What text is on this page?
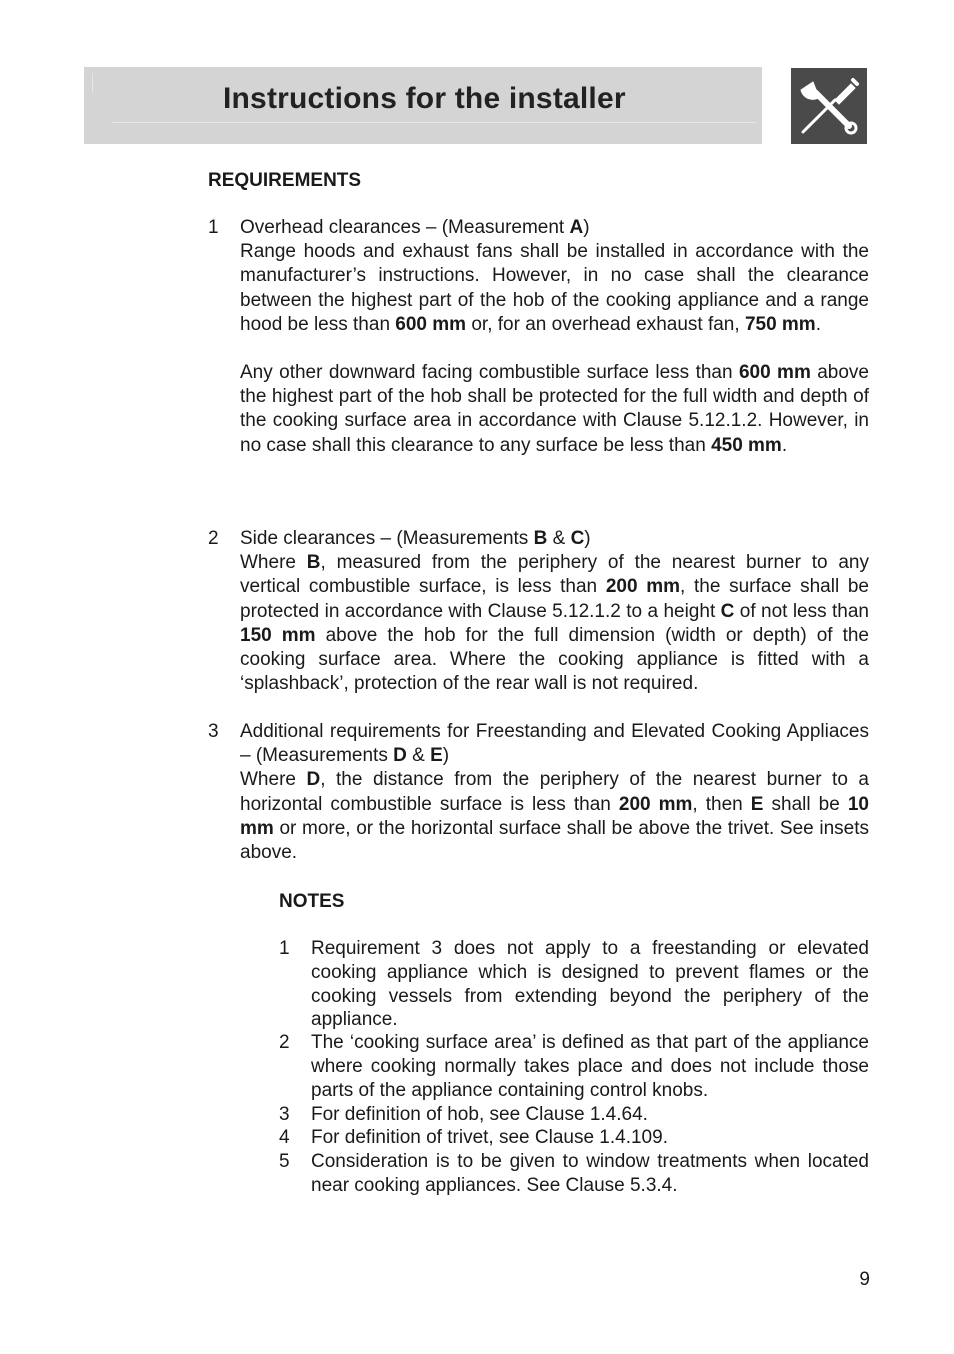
Instructions for the installer
REQUIREMENTS
1 Overhead clearances – (Measurement A)
Range hoods and exhaust fans shall be installed in accordance with the manufacturer’s instructions. However, in no case shall the clearance between the highest part of the hob of the cooking appliance and a range hood be less than 600 mm or, for an overhead exhaust fan, 750 mm.

Any other downward facing combustible surface less than 600 mm above the highest part of the hob shall be protected for the full width and depth of the cooking surface area in accordance with Clause 5.12.1.2. However, in no case shall this clearance to any surface be less than 450 mm.

2 Side clearances – (Measurements B & C)
Where B, measured from the periphery of the nearest burner to any vertical combustible surface, is less than 200 mm, the surface shall be protected in accordance with Clause 5.12.1.2 to a height C of not less than 150 mm above the hob for the full dimension (width or depth) of the cooking surface area. Where the cooking appliance is fitted with a ‘splashback’, protection of the rear wall is not required.

3 Additional requirements for Freestanding and Elevated Cooking Appliaces – (Measurements D & E)
Where D, the distance from the periphery of the nearest burner to a horizontal combustible surface is less than 200 mm, then E shall be 10 mm or more, or the horizontal surface shall be above the trivet. See insets above.

NOTES
1 Requirement 3 does not apply to a freestanding or elevated cooking appliance which is designed to prevent flames or the cooking vessels from extending beyond the periphery of the appliance.
2 The ‘cooking surface area’ is defined as that part of the appliance where cooking normally takes place and does not include those parts of the appliance containing control knobs.
3 For definition of hob, see Clause 1.4.64.
4 For definition of trivet, see Clause 1.4.109.
5 Consideration is to be given to window treatments when located near cooking appliances. See Clause 5.3.4.
9
